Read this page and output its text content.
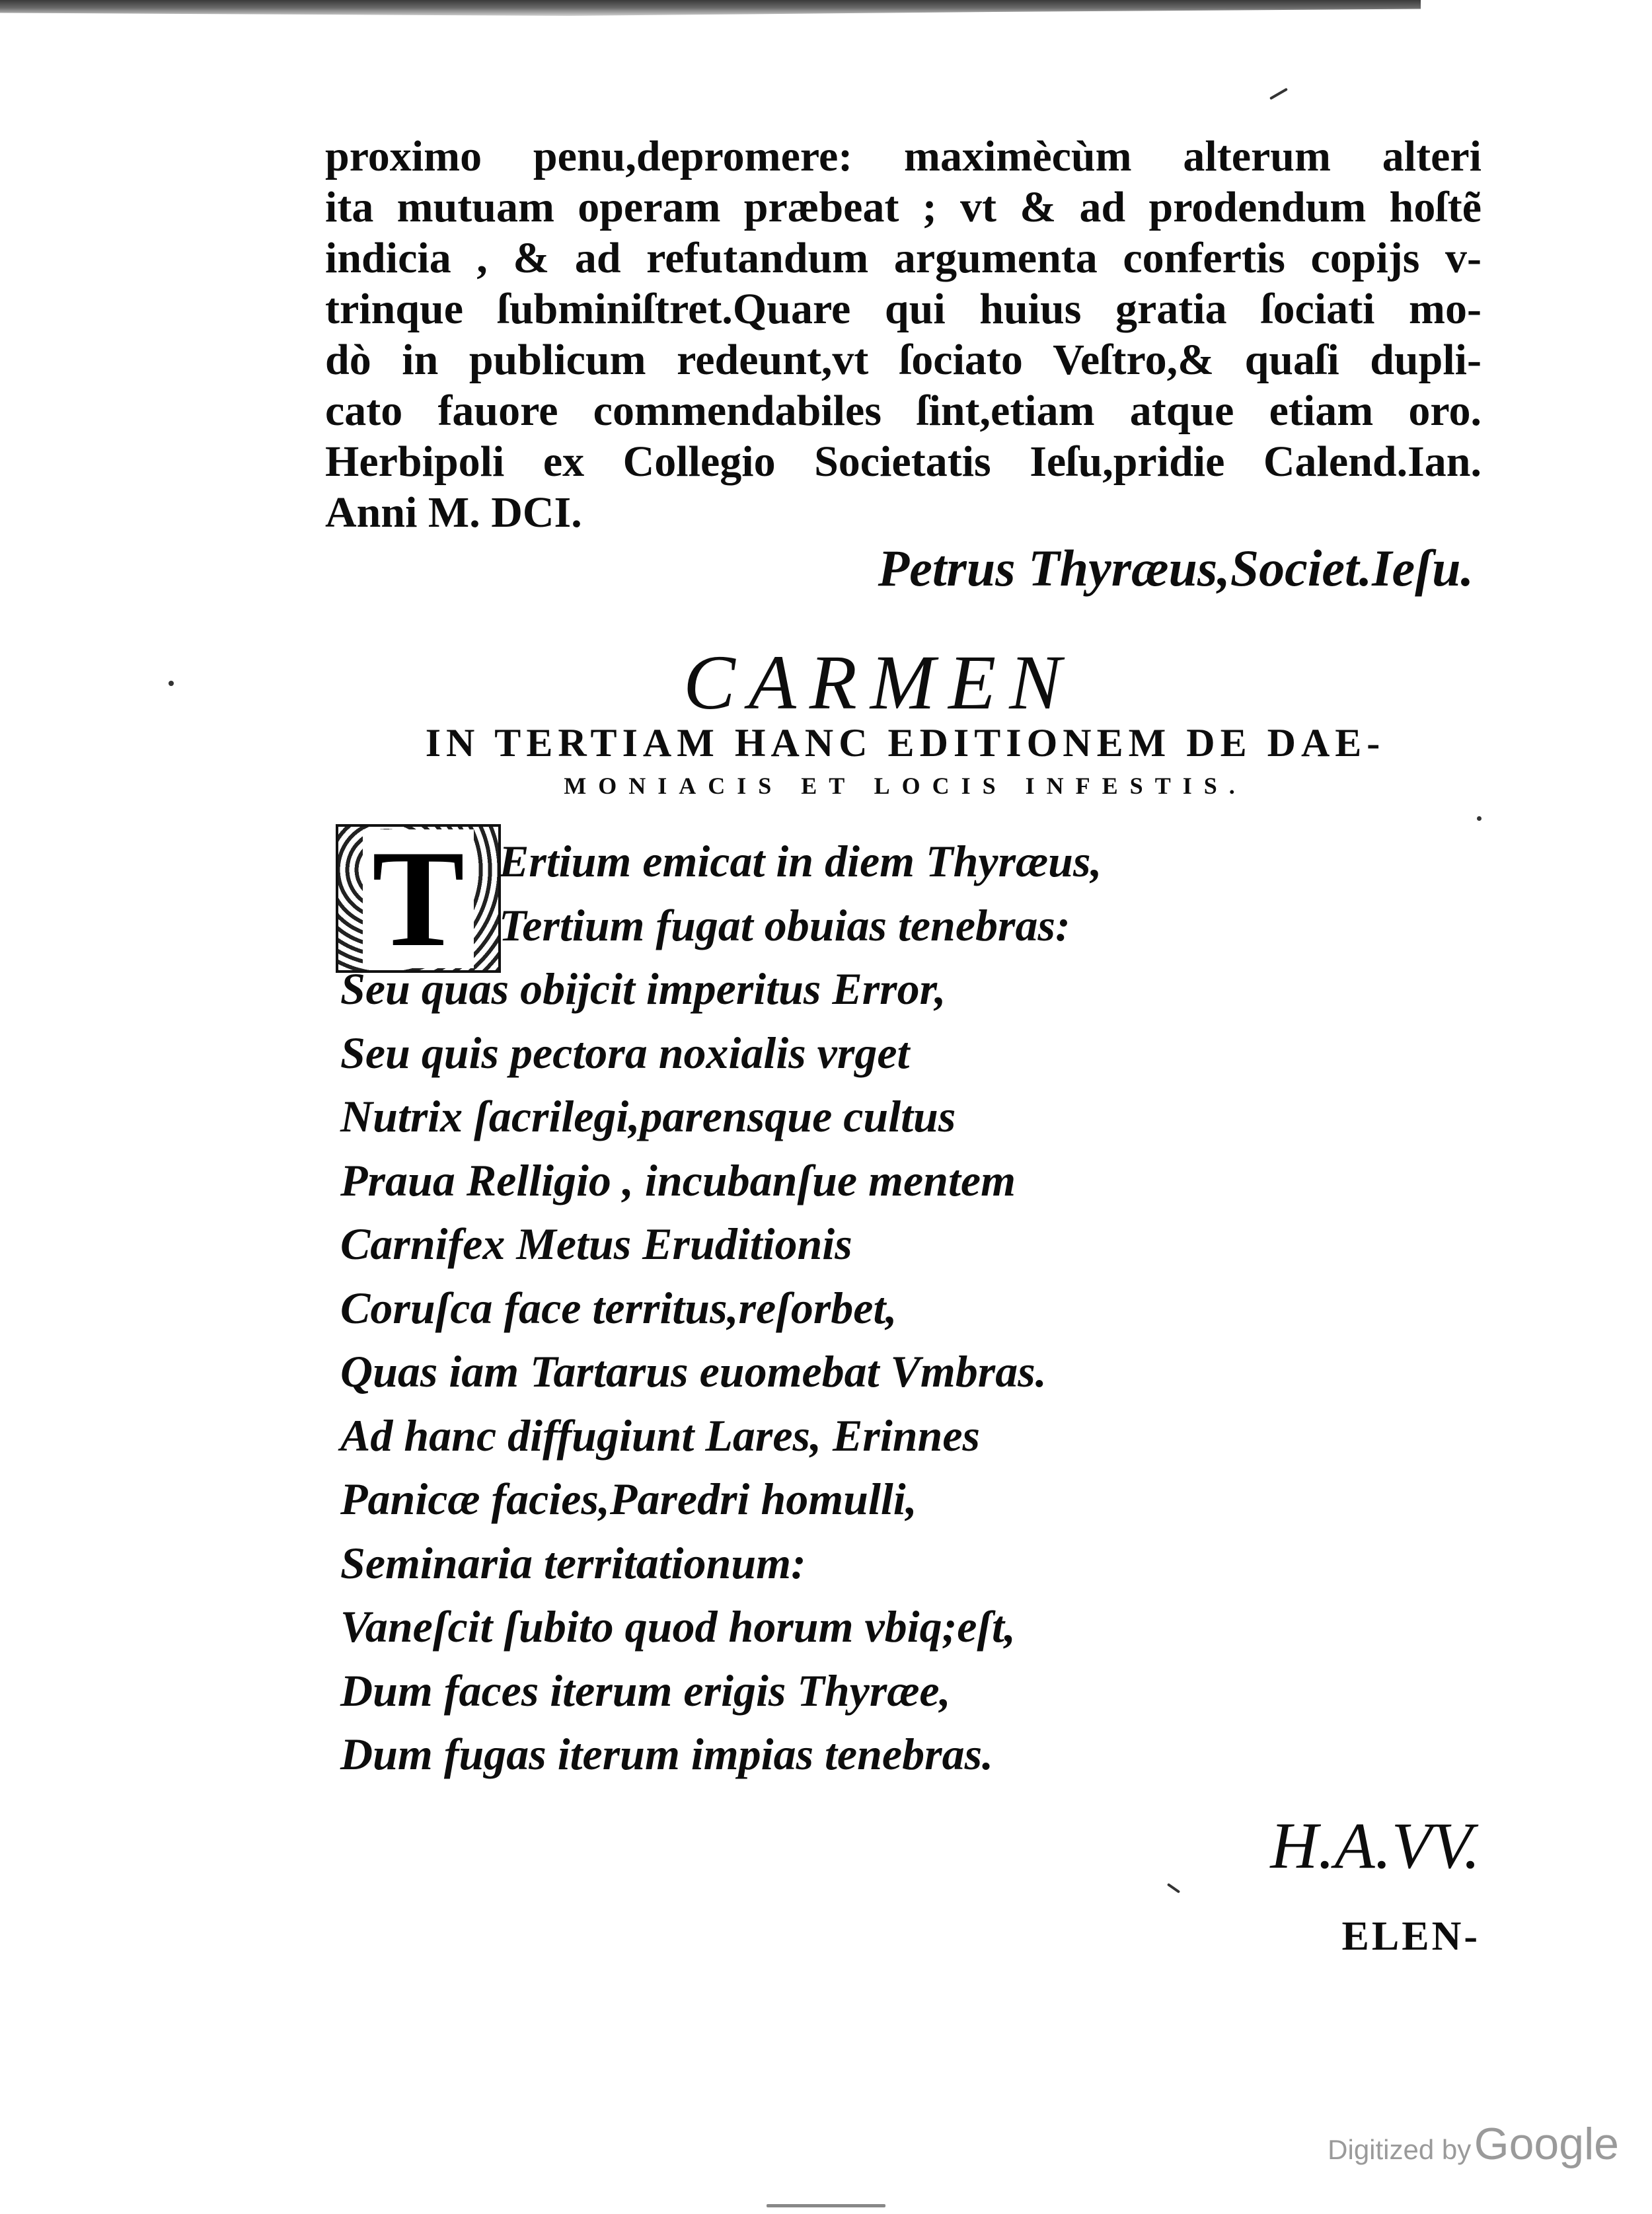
proximo penu,depromere: maximècùm alterum alteri
ita mutuam operam præbeat ; vt & ad prodendum hoſtẽ
indicia , & ad refutandum argumenta confertis copijs v-
trinque ſubminiſtret.Quare qui huius gratia ſociati mo-
dò in publicum redeunt,vt ſociato Veſtro,& quaſi dupli-
cato fauore commendabiles ſint,etiam atque etiam oro.
Herbipoli ex Collegio Societatis Ieſu,pridie Calend.Ian.
Anni M. DCI.
Petrus Thyræus,Societ.Ieſu.
CARMEN
IN TERTIAM HANC EDITIONEM DE DAE-
MONIACIS ET LOCIS INFESTIS.
T Ertium emicat in diem Thyræus,
Tertium fugat obuias tenebras:
Seu quas obijcit imperitus Error,
Seu quis pectora noxialis vrget
Nutrix ſacrilegi,parensque cultus
Praua Relligio , incubanſue mentem
Carnifex Metus Eruditionis
Coruſca face territus,reſorbet,
Quas iam Tartarus euomebat Vmbras.
Ad hanc diffugiunt Lares, Erinnes
Panicæ facies,Paredri homulli,
Seminaria territationum:
Vaneſcit ſubito quod horum vbiq;eſt,
Dum faces iterum erigis Thyræe,
Dum fugas iterum impias tenebras.
H.A.VV.
ELEN-
Digitized by Google
